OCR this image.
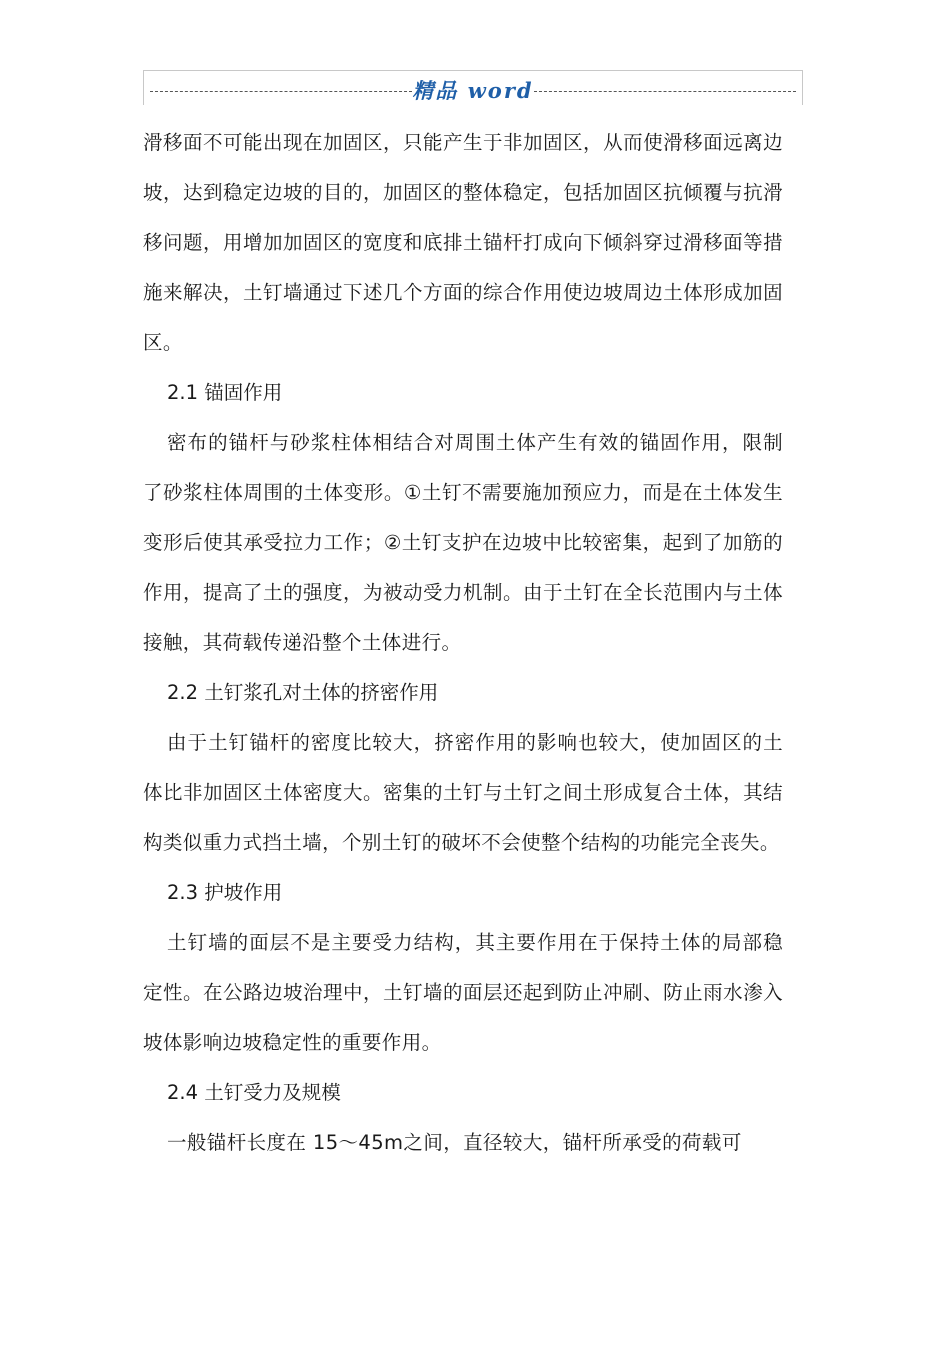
精品 word

滑移面不可能出现在加固区，只能产生于非加固区，从而使滑移面远离边坡，达到稳定边坡的目的，加固区的整体稳定，包括加固区抗倾覆与抗滑移问题，用增加加固区的宽度和底排土锚杆打成向下倾斜穿过滑移面等措施来解决，土钉墙通过下述几个方面的综合作用使边坡周边土体形成加固区。

2.1 锚固作用

密布的锚杆与砂浆柱体相结合对周围土体产生有效的锚固作用，限制了砂浆柱体周围的土体变形。①土钉不需要施加预应力，而是在土体发生变形后使其承受拉力工作；②土钉支护在边坡中比较密集，起到了加筋的作用，提高了土的强度，为被动受力机制。由于土钉在全长范围内与土体接触，其荷载传递沿整个土体进行。

2.2 土钉浆孔对土体的挤密作用

由于土钉锚杆的密度比较大，挤密作用的影响也较大，使加固区的土体比非加固区土体密度大。密集的土钉与土钉之间土形成复合土体，其结构类似重力式挡土墙，个别土钉的破坏不会使整个结构的功能完全丧失。

2.3 护坡作用

土钉墙的面层不是主要受力结构，其主要作用在于保持土体的局部稳定性。在公路边坡治理中，土钉墙的面层还起到防止冲刷、防止雨水渗入坡体影响边坡稳定性的重要作用。

2.4 土钉受力及规模

一般锚杆长度在 15～45m之间，直径较大，锚杆所承受的荷载可
